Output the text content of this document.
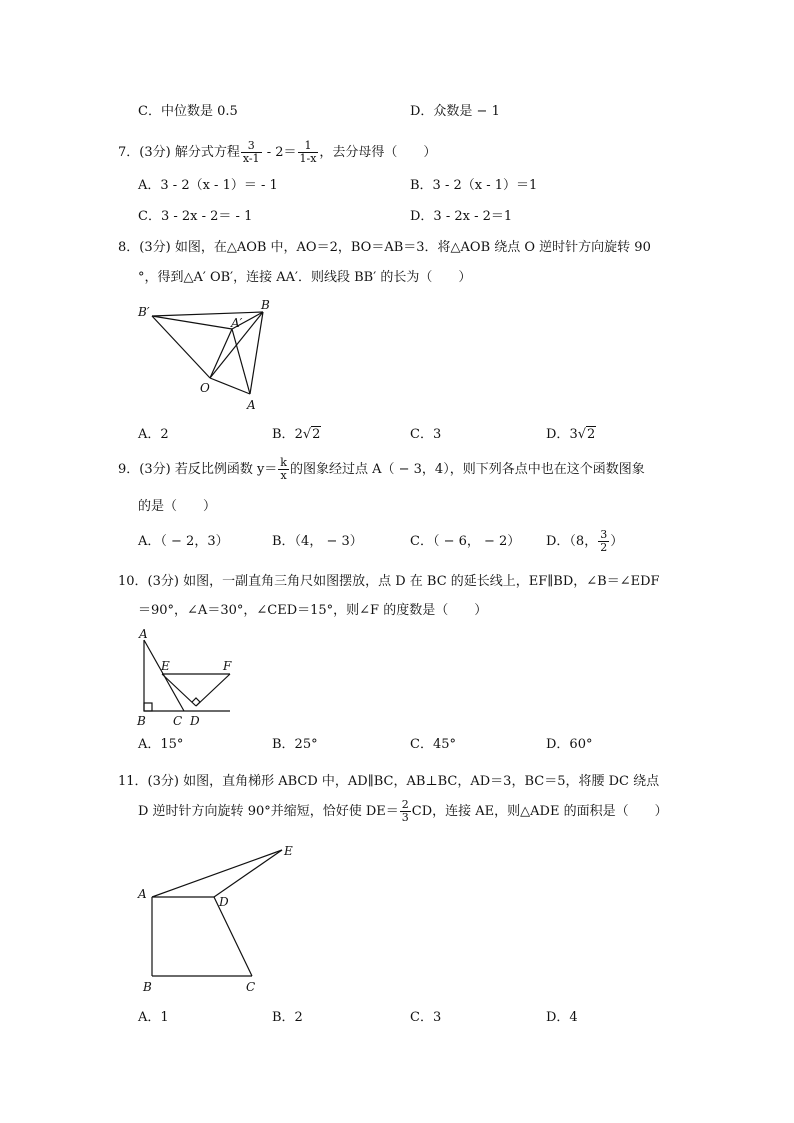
C．中位数是 0.5	D．众数是 − 1
7．(3分) 解分式方程 $\frac{3}{x-1} - 2= \frac{1}{1-x}$ ，去分母得（　　）
A．3 - 2（x - 1）＝ - 1	B．3 - 2（x - 1）＝1
C．3 - 2x - 2＝ - 1	D．3 - 2x - 2＝1
8．(3分) 如图，在△AOB 中，AO＝2，BO＝AB＝3．将△AOB 绕点 O 逆时针方向旋转 90
°，得到△A′ OB′，连接 AA′．则线段 BB′ 的长为（　　）
B′	B
A′
O
A
A．2	B．2√2	C．3	D．3√2
9．(3分) 若反比例函数 $y= \frac{k}{x}$ 的图象经过点 A（ − 3，4），则下列各点中也在这个函数图象
的是（　　）
A．（ − 2，3）	B．（4， − 3）	C．（ − 6， − 2） D．（8， $\frac{3}{2}$ ）
10．(3分) 如图，一副直角三角尺如图摆放，点 D 在 BC 的延长线上，EF∥BD，∠B＝∠EDF
＝90°，∠A＝30°，∠CED＝15°，则∠F 的度数是（　　）
A
E	F
B C D
A．15°	B．25°	C．45°	D．60°
11．(3分) 如图，直角梯形 ABCD 中，AD∥BC，AB⊥BC，AD＝3，BC＝5，将腰 DC 绕点
D 逆时针方向旋转 90°并缩短，恰好使 $DE= \frac{2}{3}$ CD，连接 AE，则△ADE 的面积是（　　）
E
A
D
B	C
A．1	B．2	C．3	D．4
